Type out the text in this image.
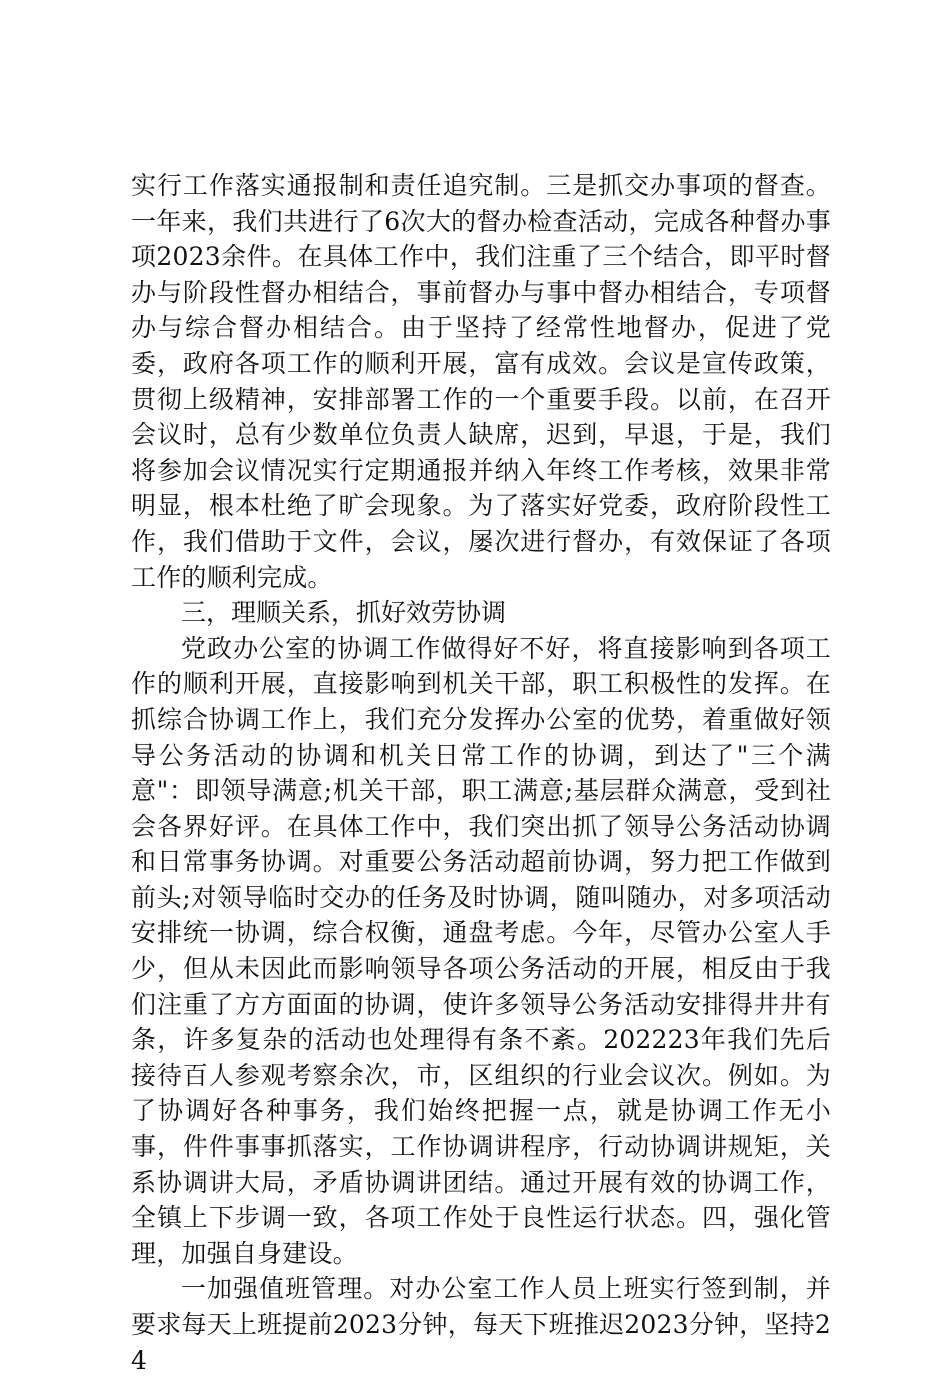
实行工作落实通报制和责任追究制。三是抓交办事项的督查。一年来，我们共进行了6次大的督办检查活动，完成各种督办事项2023余件。在具体工作中，我们注重了三个结合，即平时督办与阶段性督办相结合，事前督办与事中督办相结合，专项督办与综合督办相结合。由于坚持了经常性地督办，促进了党委，政府各项工作的顺利开展，富有成效。会议是宣传政策，贯彻上级精神，安排部署工作的一个重要手段。以前，在召开会议时，总有少数单位负责人缺席，迟到，早退，于是，我们将参加会议情况实行定期通报并纳入年终工作考核，效果非常明显，根本杜绝了旷会现象。为了落实好党委，政府阶段性工作，我们借助于文件，会议，屡次进行督办，有效保证了各项工作的顺利完成。

三，理顺关系，抓好效劳协调

党政办公室的协调工作做得好不好，将直接影响到各项工作的顺利开展，直接影响到机关干部，职工积极性的发挥。在抓综合协调工作上，我们充分发挥办公室的优势，着重做好领导公务活动的协调和机关日常工作的协调，到达了"三个满意"：即领导满意;机关干部，职工满意;基层群众满意，受到社会各界好评。在具体工作中，我们突出抓了领导公务活动协调和日常事务协调。对重要公务活动超前协调，努力把工作做到前头;对领导临时交办的任务及时协调，随叫随办，对多项活动安排统一协调，综合权衡，通盘考虑。今年，尽管办公室人手少，但从未因此而影响领导各项公务活动的开展，相反由于我们注重了方方面面的协调，使许多领导公务活动安排得井井有条，许多复杂的活动也处理得有条不紊。202223年我们先后接待百人参观考察余次，市，区组织的行业会议次。例如。为了协调好各种事务，我们始终把握一点，就是协调工作无小事，件件事事抓落实，工作协调讲程序，行动协调讲规矩，关系协调讲大局，矛盾协调讲团结。通过开展有效的协调工作，全镇上下步调一致，各项工作处于良性运行状态。四，强化管理，加强自身建设。

一加强值班管理。对办公室工作人员上班实行签到制，并要求每天上班提前2023分钟，每天下班推迟2023分钟，坚持24
